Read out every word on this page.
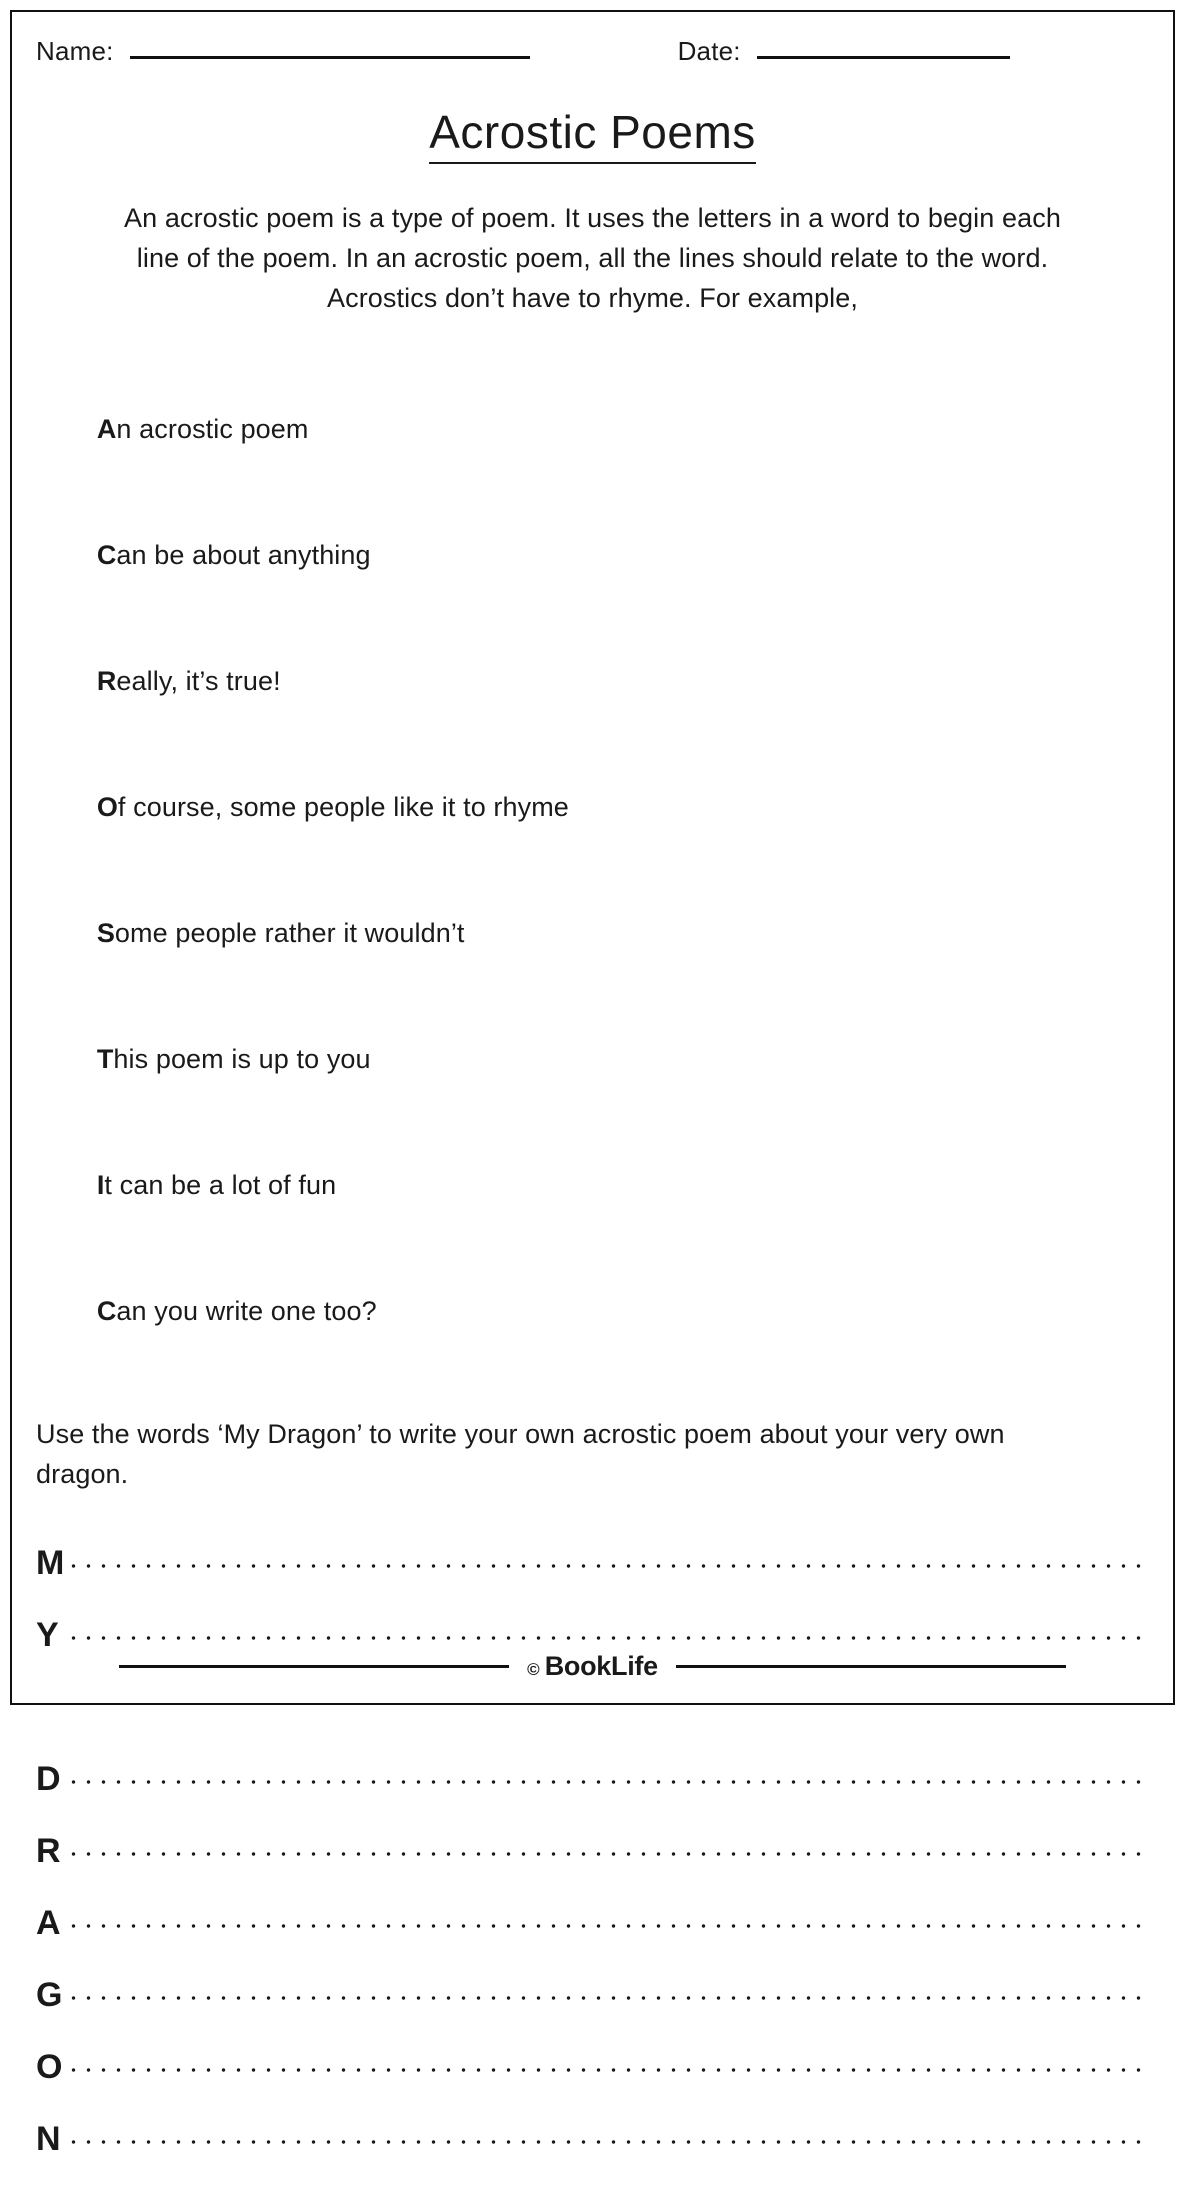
Name:	Date:
Acrostic Poems

An acrostic poem is a type of poem. It uses the letters in a word to begin each line of the poem. In an acrostic poem, all the lines should relate to the word. Acrostics don’t have to rhyme. For example,

An acrostic poem

Can be about anything

Really, it’s true!

Of course, some people like it to rhyme

Some people rather it wouldn’t

This poem is up to you

It can be a lot of fun

Can you write one too?

Use the words ‘My Dragon’ to write your own acrostic poem about your very own dragon.

M
Y
D
R
A
G
O
N
© BookLife
